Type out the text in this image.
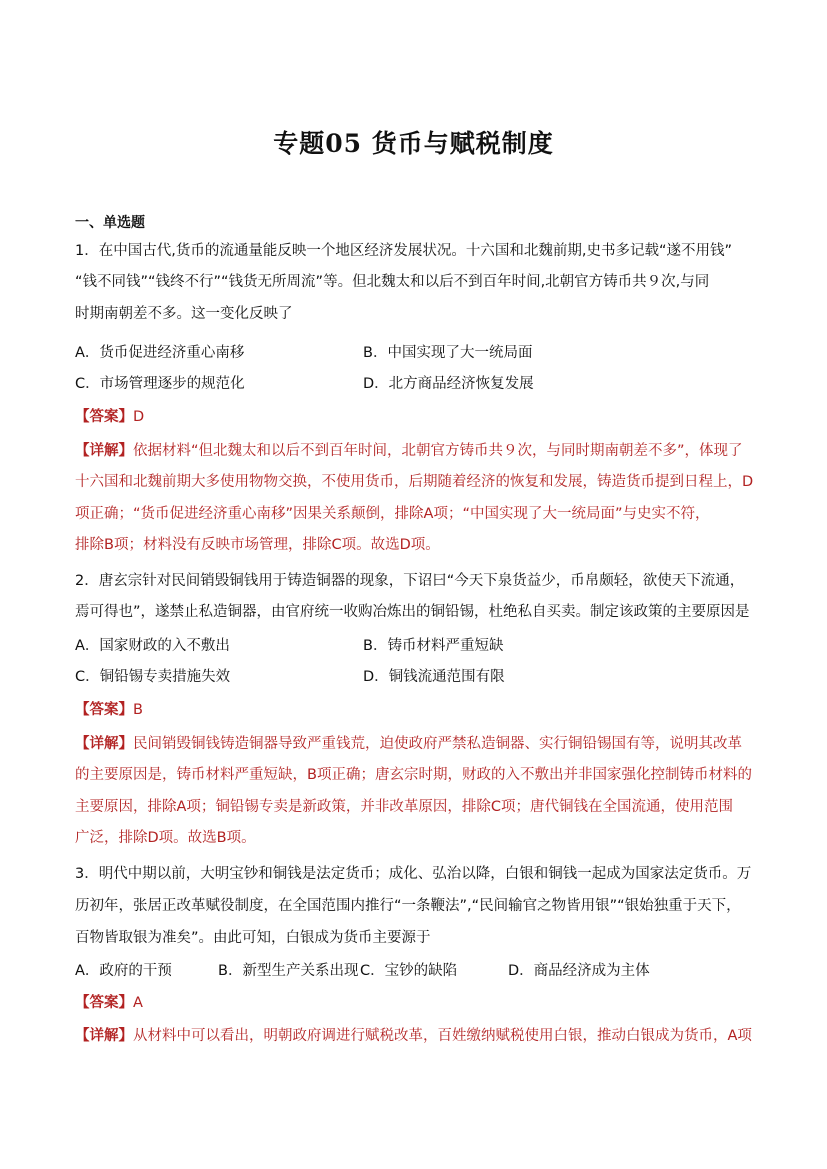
专题05 货币与赋税制度
一、单选题
1．在中国古代,货币的流通量能反映一个地区经济发展状况。十六国和北魏前期,史书多记载“遂不用钱”
“钱不同钱”“钱终不行”“钱货无所周流”等。但北魏太和以后不到百年时间,北朝官方铸币共９次,与同
时期南朝差不多。这一变化反映了
A．货币促进经济重心南移	B．中国实现了大一统局面
C．市场管理逐步的规范化	D．北方商品经济恢复发展
【答案】D
【详解】依据材料“但北魏太和以后不到百年时间，北朝官方铸币共９次，与同时期南朝差不多”，体现了
十六国和北魏前期大多使用物物交换，不使用货币，后期随着经济的恢复和发展，铸造货币提到日程上，D
项正确；“货币促进经济重心南移”因果关系颠倒，排除A项；“中国实现了大一统局面”与史实不符，
排除B项；材料没有反映市场管理，排除C项。故选D项。
2．唐玄宗针对民间销毁铜钱用于铸造铜器的现象，下诏曰“今天下泉货益少，币帛颇轻，欲使天下流通，
焉可得也”，遂禁止私造铜器，由官府统一收购冶炼出的铜铅锡，杜绝私自买卖。制定该政策的主要原因是
A．国家财政的入不敷出	B．铸币材料严重短缺
C．铜铅锡专卖措施失效	D．铜钱流通范围有限
【答案】B
【详解】民间销毁铜钱铸造铜器导致严重钱荒，迫使政府严禁私造铜器、实行铜铅锡国有等，说明其改革
的主要原因是，铸币材料严重短缺，B项正确；唐玄宗时期，财政的入不敷出并非国家强化控制铸币材料的
主要原因，排除A项；铜铅锡专卖是新政策，并非改革原因，排除C项；唐代铜钱在全国流通，使用范围
广泛，排除D项。故选B项。
3．明代中期以前，大明宝钞和铜钱是法定货币；成化、弘治以降，白银和铜钱一起成为国家法定货币。万
历初年，张居正改革赋役制度，在全国范围内推行“一条鞭法”,“民间输官之物皆用银”“银始独重于天下，
百物皆取银为准矣”。由此可知，白银成为货币主要源于
A．政府的干预	B．新型生产关系出现 C．宝钞的缺陷	D．商品经济成为主体
【答案】A
【详解】从材料中可以看出，明朝政府调进行赋税改革，百姓缴纳赋税使用白银，推动白银成为货币，A项
